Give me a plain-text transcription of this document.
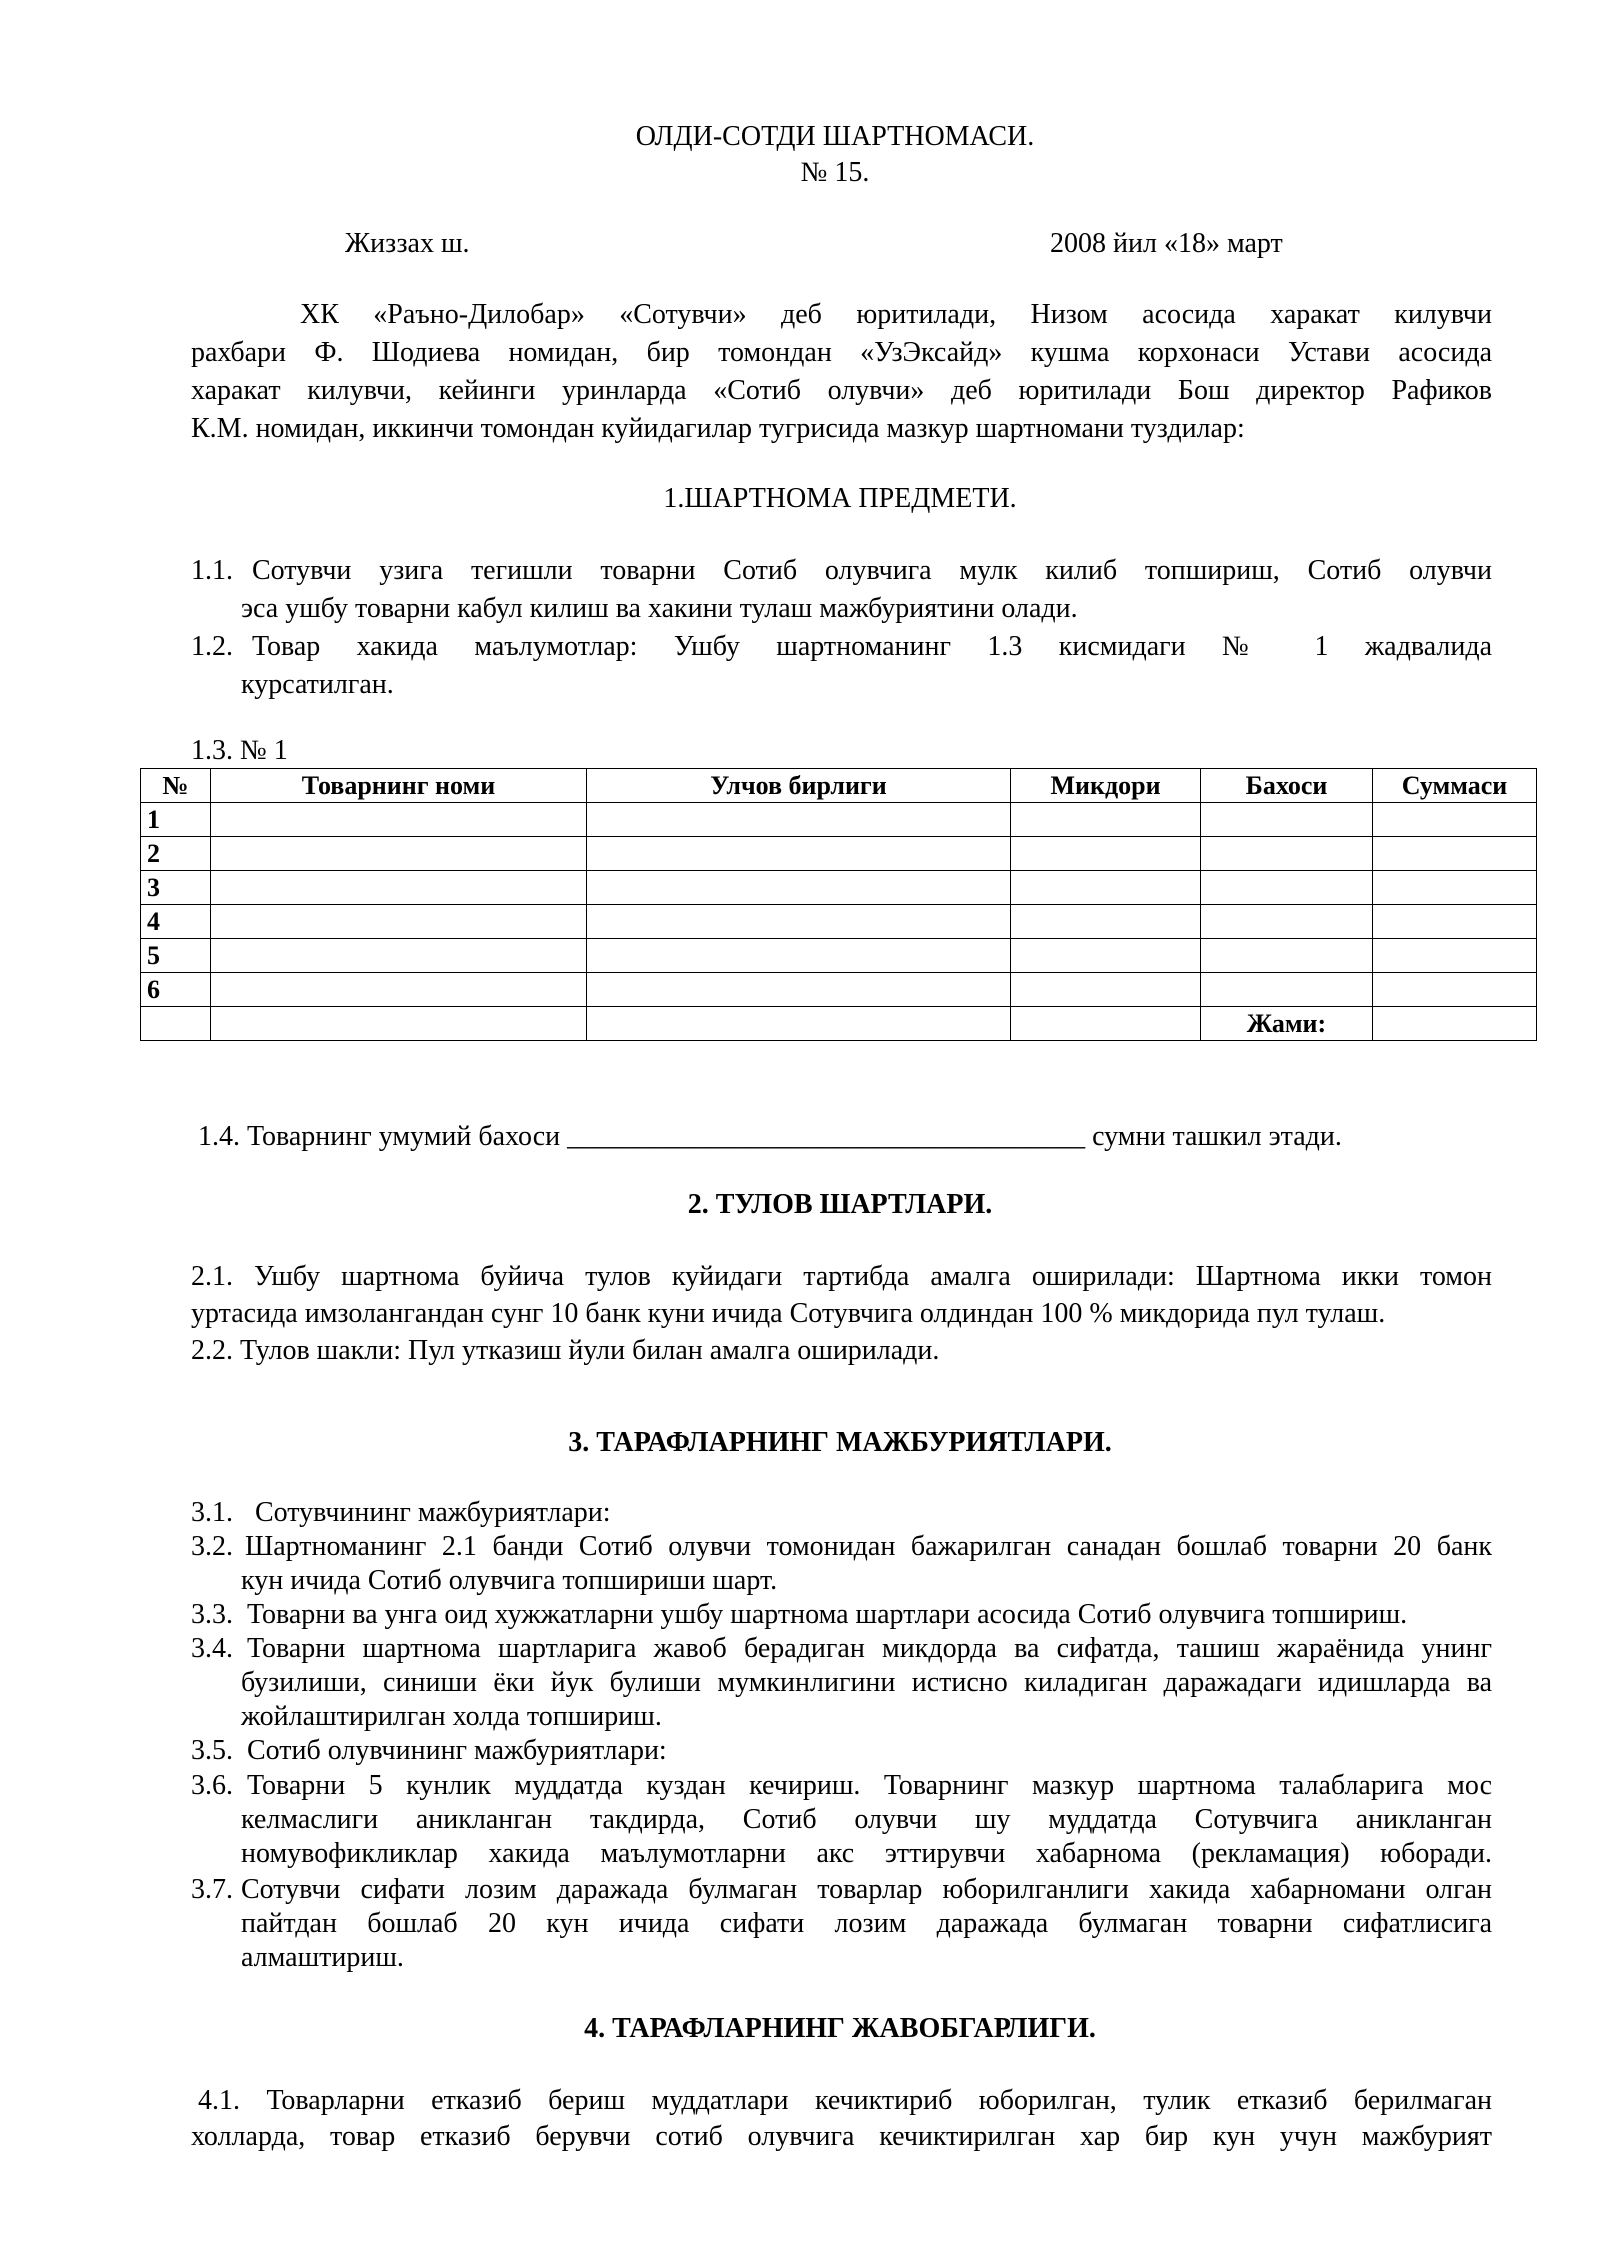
ОЛДИ-СОТДИ ШАРТНОМАСИ.
№ 15.
Жиззах ш.	2008 йил «18» март
ХК «Раъно-Дилобар» «Сотувчи» деб юритилади, Низом асосида харакат килувчи
рахбари Ф. Шодиева номидан, бир томондан «УзЭксайд» кушма корхонаси Устави асосида
харакат килувчи, кейинги уринларда «Сотиб олувчи» деб юритилади Бош директор Рафиков
К.М. номидан, иккинчи томондан куйидагилар тугрисида мазкур шартномани туздилар:
1.ШАРТНОМА ПРЕДМЕТИ.
1.1. Сотувчи узига тегишли товарни Сотиб олувчига мулк килиб топшириш, Сотиб олувчи
эса ушбу товарни кабул килиш ва хакини тулаш мажбуриятини олади.
1.2. Товар хакида маълумотлар: Ушбу шартноманинг 1.3 кисмидаги № 1 жадвалида
курсатилган.
1.3. № 1
№	Товарнинг номи	Улчов бирлиги	Микдори	Бахоси	Суммаси
1					
2					
3					
4					
5					
6					
				Жами:	
1.4. Товарнинг умумий бахоси _____________________________________ сумни ташкил этади.
2. ТУЛОВ ШАРТЛАРИ.
2.1. Ушбу шартнома буйича тулов куйидаги тартибда амалга оширилади: Шартнома икки томон
уртасида имзолангандан сунг 10 банк куни ичида Сотувчига олдиндан 100 % микдорида пул тулаш.
2.2. Тулов шакли: Пул утказиш йули билан амалга оширилади.
3. ТАРАФЛАРНИНГ МАЖБУРИЯТЛАРИ.
3.1. Сотувчининг мажбуриятлари:
3.2. Шартноманинг 2.1 банди Сотиб олувчи томонидан бажарилган санадан бошлаб товарни 20 банк
кун ичида Сотиб олувчига топшириши шарт.
3.3. Товарни ва унга оид хужжатларни ушбу шартнома шартлари асосида Сотиб олувчига топшириш.
3.4. Товарни шартнома шартларига жавоб берадиган микдорда ва сифатда, ташиш жараёнида унинг
бузилиши, синиши ёки йук булиши мумкинлигини истисно киладиган даражадаги идишларда ва
жойлаштирилган холда топшириш.
3.5. Сотиб олувчининг мажбуриятлари:
3.6. Товарни 5 кунлик муддатда куздан кечириш. Товарнинг мазкур шартнома талабларига мос
келмаслиги аникланган такдирда, Сотиб олувчи шу муддатда Сотувчига аникланган
номувофикликлар хакида маълумотларни акс эттирувчи хабарнома (рекламация) юборади.
3.7. Сотувчи сифати лозим даражада булмаган товарлар юборилганлиги хакида хабарномани олган
пайтдан бошлаб 20 кун ичида сифати лозим даражада булмаган товарни сифатлисига
алмаштириш.
4. ТАРАФЛАРНИНГ ЖАВОБГАРЛИГИ.
4.1. Товарларни етказиб бериш муддатлари кечиктириб юборилган, тулик етказиб берилмаган
холларда, товар етказиб берувчи сотиб олувчига кечиктирилган хар бир кун учун мажбурият
